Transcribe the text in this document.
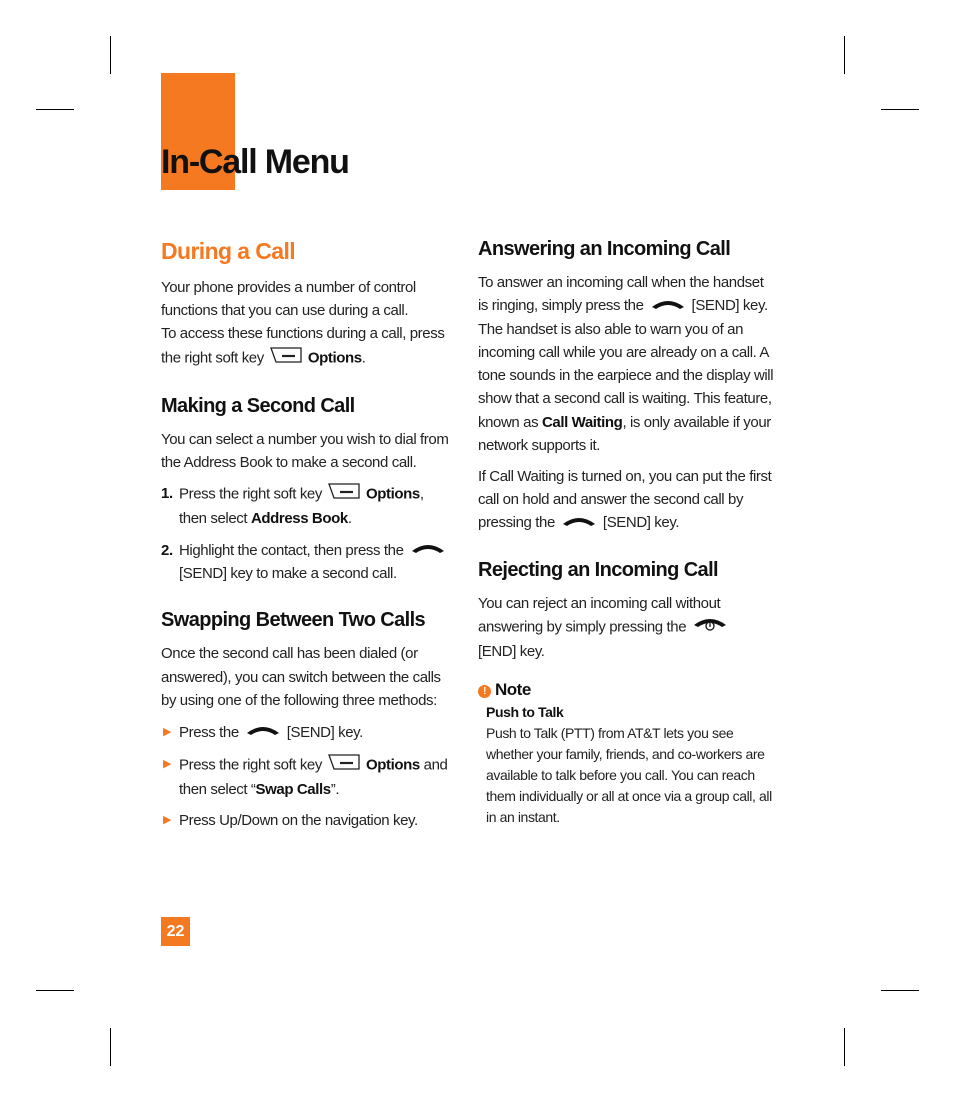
In-Call Menu
During a Call

Your phone provides a number of control functions that you can use during a call.
To access these functions during a call, press the right soft key	Options.

Making a Second Call

You can select a number you wish to dial from the Address Book to make a second call.

1. Press the right soft key	Options, then select Address Book.
2. Highlight the contact, then press the
[SEND] key to make a second call.
Swapping Between Two Calls

Once the second call has been dialed (or answered), you can switch between the calls by using one of the following three methods:

▶ Press the	[SEND] key.
▶ Press the right soft key	Options and then select “Swap Calls”.
▶ Press Up/Down on the navigation key.
Answering an Incoming Call

To answer an incoming call when the handset is ringing, simply press the	[SEND] key. The handset is also able to warn you of an incoming call while you are already on a call. A tone sounds in the earpiece and the display will show that a second call is waiting. This feature, known as Call Waiting, is only available if your network supports it.

If Call Waiting is turned on, you can put the first call on hold and answer the second call by pressing the	[SEND] key.

Rejecting an Incoming Call

You can reject an incoming call without answering by simply pressing the
[END] key.

! Note
Push to Talk
Push to Talk (PTT) from AT&T lets you see whether your family, friends, and co-workers are available to talk before you call. You can reach them individually or all at once via a group call, all in an instant.
22
